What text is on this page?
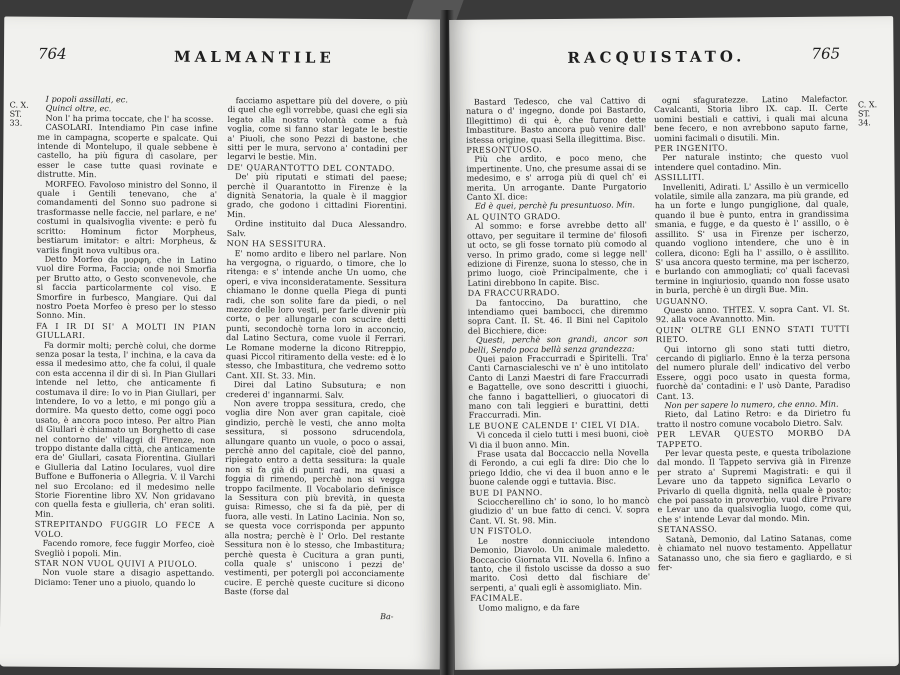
764	MALMANTILE
C. X. ST. 33.

I popoli assillati, ec.

Quinci oltre, ec.

Non l' ha prima toccate, che l' ha scosse.

CASOLARI. Intendiamo Pin case infine me in campagna, scoperte e spalcate. Qui intende di Montelupo, il quale sebbene è castello, ha più figura di casolare, per esser le case tutte quasi rovinate e distrutte. Min.

MORFEO. Favoloso ministro del Sonno, il quale i Gentili tenevano, che a' comandamenti del Sonno suo padrone si trasformasse nelle faccie, nel parlare, e ne' costumi in qualsivoglia vivente: e però fu scritto: Hominum fictor Morpheus, bestiarum imitator: e altri: Morpheus, & variis fingit nova vultibus ora.

Detto Morfeo da μορφη, che in Latino vuol dire Forma, Faccia; onde noi Smorfia per Brutto atto, o Gesto sconvenevole, che si faccia particolarmente col viso. E Smorfire in furbesco, Mangiare. Qui dal nostro Poeta Morfeo è preso per lo stesso Sonno. Min.

FA I IR DI SI' A MOLTI IN PIAN GIULLARI.

Fa dormir molti; perchè colui, che dorme senza posar la testa, l' inchina, e la cava da essa il medesimo atto, che fa colui, il quale con esta accenna il dir di sì. In Pian Giullari intende nel letto, che anticamente fi costumava il dire: Io vo in Pian Giullari, per intendere, Io vo a letto, e mi pongo giù a dormire. Ma questo detto, come oggi poco usato, è ancora poco inteso. Per altro Pian di Giullari è chiamato un Borghetto di case nel contorno de' villaggi di Firenze, non troppo distante dalla città, che anticamente era de' Giullari, casata Fiorentina. Giullari e Giulleria dal Latino Ioculares, vuol dire Buffone e Buffoneria o Allegria. V. il Varchi nel suo Ercolano: ed il medesimo nelle Storie Fiorentine libro XV. Non gridavano con quella festa e giulleria, ch' eran soliti. Min.

STREPITANDO FUGGIR LO FECE A VOLO.

Facendo romore, fece fuggir Morfeo, cioè Svegliò i popoli. Min.

STAR NON VUOL QUIVI A PIUOLO.

Non vuole stare a disagio aspettando. Diciamo: Tener uno a piuolo, quando lo

facciamo aspettare più del dovere, o più di quel che egli vorrebbe, quasi che egli sia legato alla nostra volontà come a fuà voglia, come si fanno star legate le bestie a' Piuoli, che sono Pezzi di bastone, che sitti per le mura, servono a' contadini per legarvi le bestie. Min.

DE' QUARANTOTTO DEL CONTADO.

De' più riputati e stimati del paese; perchè il Quarantotto in Firenze è la dignità Senatoria, la quale è il maggior grado, che godono i cittadini Fiorentini. Min.

Ordine instituito dal Duca Alessandro. Salv.

NON HA SESSITURA.

E' nomo ardito e libero nel parlare. Non ha vergogna, o riguardo, o timore, che lo ritenga: e s' intende anche Un uomo, che operi, e viva inconsideratamente. Sessitura chiamano le donne quella Piega di punti radi, che son solite fare da piedi, o nel mezzo delle loro vesti, per farle divenir più corte, o per allungarle con scucire detti punti, secondochè torna loro in acconcio, dal Latino Sectura, come vuole il Ferrari. Le Romane moderne la dicono Ritreppio, quasi Piccol ritiramento della veste: ed è lo stesso, che Imbastitura, che vedremo sotto Cant. XII. St. 33. Min.

Direi dal Latino Subsutura; e non crederei d' ingannarmi. Salv.

Non avere troppa sessitura, credo, che voglia dire Non aver gran capitale, cioè gindizio, perchè le vesti, che anno molta sessitura, si possono sdrucendola, allungare quanto un vuole, o poco o assai, perchè anno del capitale, cioè del panno, ripiegato entro a detta sessitura: la quale non si fa già di punti radi, ma quasi a foggia di rimendo, perchè non si vegga troppo facilmente. Il Vocabolario definisce la Sessitura con più brevità, in questa guisa: Rimesso, che si fa da piè, per di fuora, alle vesti. In Latino Lacinia. Non so, se questa voce corrisponda per appunto alla nostra; perchè è l' Orlo. Del restante Sessitura non è lo stesso, che Imbastitura; perchè questa è Cucitura a gran punti, colla quale s' uniscono i pezzi de' vestimenti, per potergli poi acconciamente cucire. E perchè queste cuciture si dicono Baste (forse dal

Ba-
RACQUISTATO.	765
C. X. ST. 34.

Bastard Tedesco, che val Cattivo di natura o d' ingegno, donde poi Bastardo, Illegittimo) di qui è, che furono dette Imbastiture. Basto ancora può venire dall' istessa origine, quasi Sella illegittima. Bisc.

PRESONTUOSO.

Più che ardito, e poco meno, che impertinente. Uno, che presume assai di se medesimo, e s' arroga più di quel ch' ei merita. Un arrogante. Dante Purgatorio Canto XI. dice:

Ed è quei, perchè fu presuntuoso. Min.

AL QUINTO GRADO.

Al sommo: e forse avrebbe detto all' ottavo, per seguitare il termine de' filosofi ut octo, se gli fosse tornato più comodo al verso. In primo grado, come si legge nell' edizione di Firenze, suona lo stesso, che in primo luogo, cioè Principalmente, che i Latini direbbono In capite. Bisc.

DA FRACCURRADO.

Da fantoccino, Da burattino, che intendiamo quei bambocci, che diremmo sopra Cant. II. St. 46. Il Bini nel Capitolo del Bicchiere, dice:

Questi, perchè son grandi, ancor son belli, Sendo poca bellà senza grandezza:

Quei paion Fraccurradi e Spiritelli. Tra' Canti Carnascialeschi ve n' è uno intitolato Canto di Lanzi Maestri di fare Fraccurradi e Bagattelle, ove sono descritti i giuochi, che fanno i bagattellieri, o giuocatori di mano con tali leggieri e burattini, detti Fraccurradi. Min.

LE BUONE CALENDE I' CIEL VI DIA.

Vi conceda il cielo tutti i mesi buoni, cioè Vi dia il buon anno. Min.

Frase usata dal Boccaccio nella Novella di Ferondo, a cui egli fa dire: Dio che lo priego Iddio, che vi dea il buon anno e le buone calende oggi e tuttavia. Bisc.

BUE DI PANNO.

Scioccherellino ch' io sono, lo ho mancò giudizio d' un bue fatto di cenci. V. sopra Cant. VI. St. 98. Min.

UN FISTOLO.

Le nostre donnicciuole intendono Demonio, Diavolo. Un animale maledetto. Boccaccio Giornata VII. Novella 6. Infino a tanto, che il fistolo uscisse da dosso a suo marito. Così detto dal fischiare de' serpenti, a' quali egli è assomigliato. Min.

FACIMALE.

Uomo maligno, e da fare

ogni sfaguratezze. Latino Malefactor. Cavalcanti, Storia libro IX. cap. II. Certe uomini bestiali e cattivi, i quali mai alcuna bene fecero, e non avrebbono saputo farne, uomini facimali o disutili. Min.

PER INGENITO.

Per naturale instinto; che questo vuol intendere quel contadino. Min.

ASSILLITI.

Invelleniti, Adirati. L' Assillo è un vermicello volatile, simile alla zanzara, ma più grande, ed ha un forte e lungo pungiglione, dal quale, quando il bue è punto, entra in grandissima smania, e fugge, e da questo è l' assillo, o è assillito. S' usa in Firenze per ischerzo, quando vogliono intendere, che uno è in collera, dicono: Egli ha l' assillo, o è assillito. S' usa ancora questo termine, ma per ischerzo, e burlando con ammogliati; co' quali facevasi termine in ingiuriosio, quando non fosse usato in burla, perchè è un dirgli Bue. Min.

UGUANNO.

Questo anno. ΤΗΤΕΣ. V. sopra Cant. VI. St. 92. alla voce Avannotto. Min.

QUIN' OLTRE GLI ENNO STATI TUTTI RIETO.

Qui intorno gli sono stati tutti dietro, cercando di pigliarlo. Enno è la terza persona del numero plurale dell' indicativo del verbo Essere, oggi poco usato in questa forma, fuorchè da' contadini: e l' usò Dante, Paradiso Cant. 13.

Non per sapere lo numero, che enno. Min.

Rieto, dal Latino Retro: e da Dirietro fu tratto il nostro comune vocabolo Dietro. Salv.

PER LEVAR QUESTO MORBO DA TAPPETO.

Per levar questa peste, e questa tribolazione dal mondo. Il Tappeto serviva già in Firenze per strato a' Supremi Magistrati: e qui il Levare uno da tappeto significa Levarlo o Privarlo di quella dignità, nella quale è posto; che poi passato in proverbio, vuol dire Privare e Levar uno da qualsivoglia luogo, come qui, che s' intende Levar dal mondo. Min.

SETANASSO.

Satanà, Demonio, dal Latino Satanas, come è chiamato nel nuovo testamento. Appellatur Satanasso uno, che sia fiero e gagliardo, e si fer-
